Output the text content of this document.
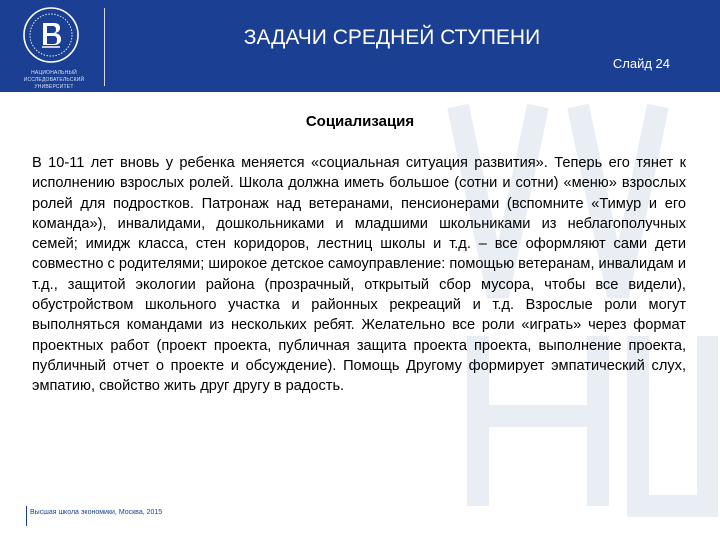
НАЦИОНАЛЬНЫЙ ИССЛЕДОВАТЕЛЬСКИЙ УНИВЕРСИТЕТ
ЗАДАЧИ СРЕДНЕЙ СТУПЕНИ
Слайд 24
Социализация
В 10-11 лет вновь у ребенка меняется «социальная ситуация развития». Теперь его тянет к исполнению взрослых ролей. Школа должна иметь большое (сотни и сотни) «меню» взрослых ролей для подростков. Патронаж над ветеранами, пенсионерами (вспомните «Тимур и его команда»), инвалидами, дошкольниками и младшими школьниками из неблагополучных семей; имидж класса, стен коридоров, лестниц школы и т.д. – все оформляют сами дети совместно с родителями; широкое детское самоуправление: помощью ветеранам, инвалидам и т.д., защитой экологии района (прозрачный, открытый сбор мусора, чтобы все видели), обустройством школьного участка и районных рекреаций и т.д. Взрослые роли могут выполняться командами из нескольких ребят. Желательно все роли «играть» через формат проектных работ (проект проекта, публичная защита проекта проекта, выполнение проекта, публичный отчет о проекте и обсуждение). Помощь Другому формирует эмпатический слух, эмпатию, свойство жить друг другу в радость.
Высшая школа экономики, Москва, 2015
